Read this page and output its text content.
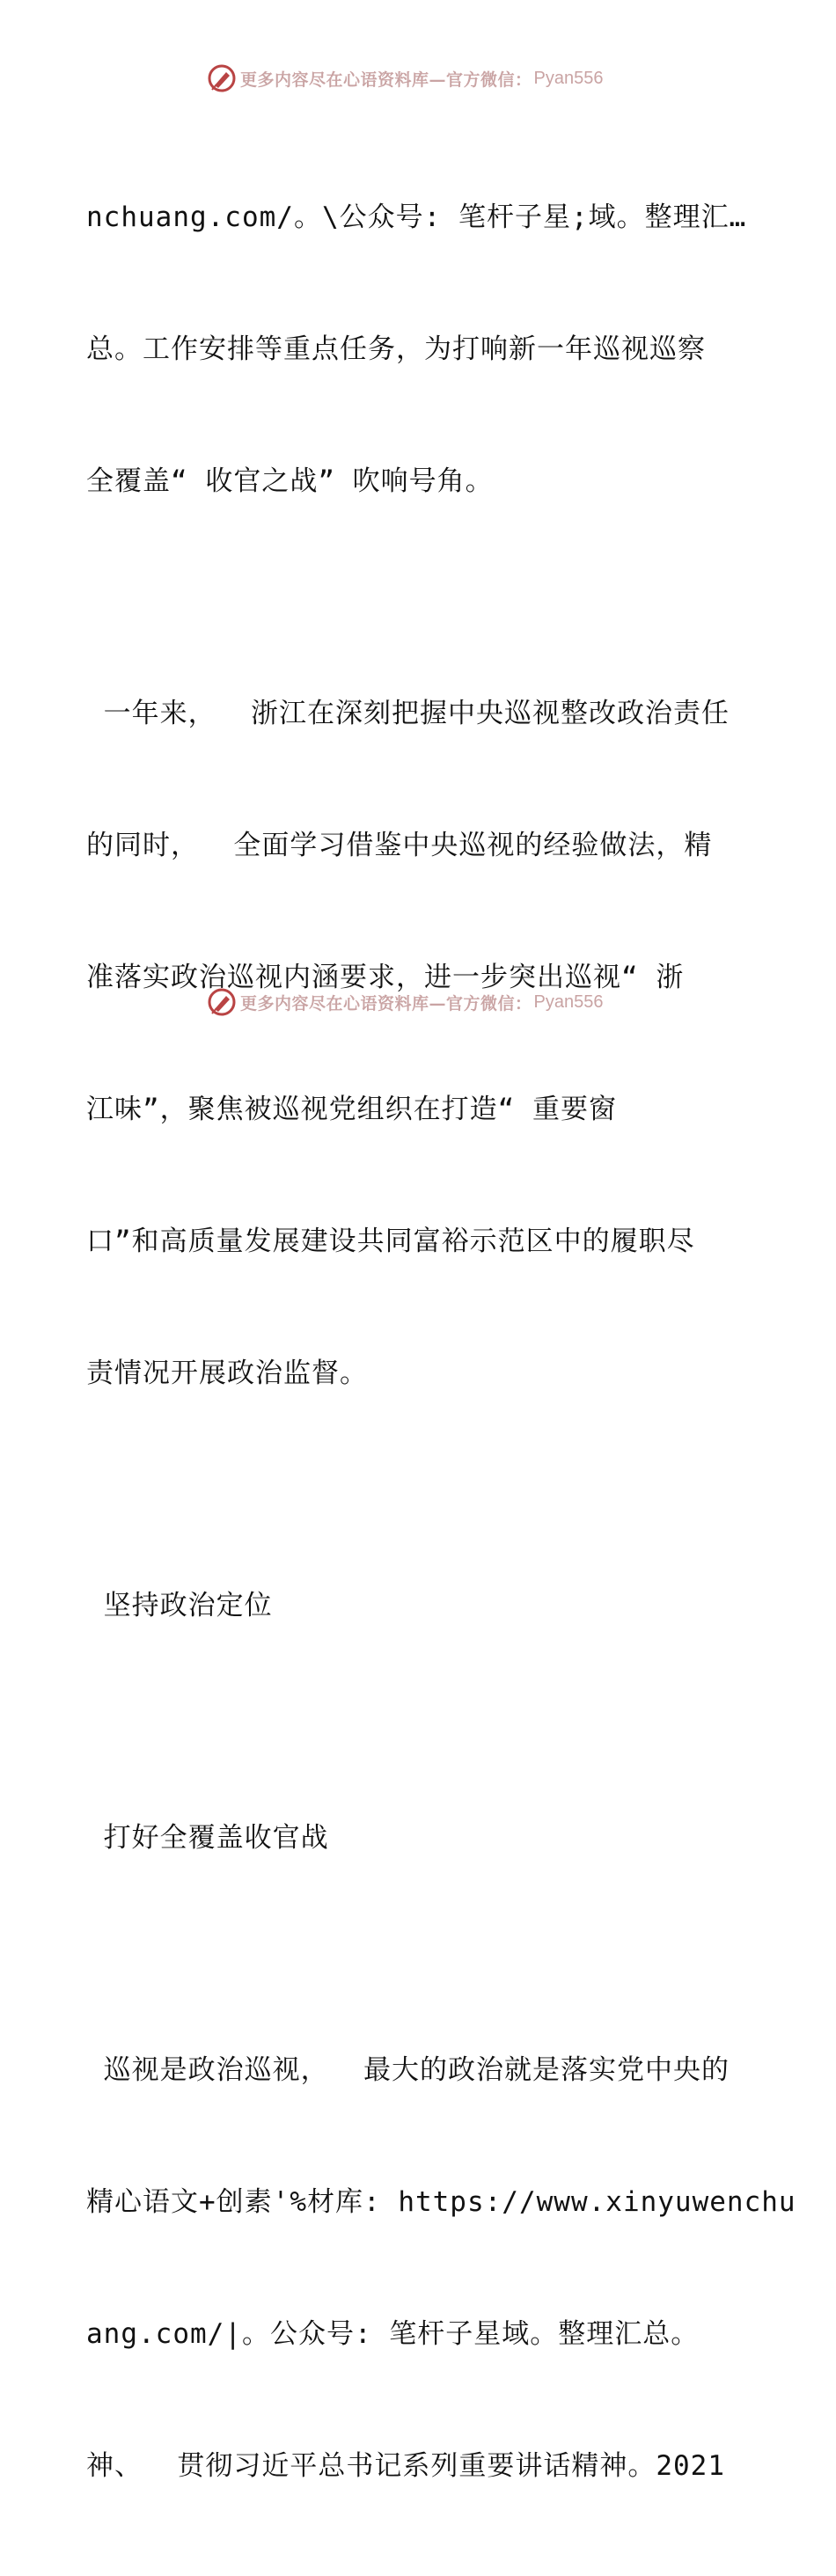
更多内容尽在心语资料库—官方微信： Pyan556

nchuang.com/。\公众号: 笔杆子星;域。整理汇…

总。工作安排等重点任务，为打响新一年巡视巡察

全覆盖“ 收官之战” 吹响号角。

一年来，  浙江在深刻把握中央巡视整改政治责任

的同时，  全面学习借鉴中央巡视的经验做法，精

准落实政治巡视内涵要求，进一步突出巡视“ 浙

江味”，聚焦被巡视党组织在打造“ 重要窗

口”和高质量发展建设共同富裕示范区中的履职尽

责情况开展政治监督。

坚持政治定位

打好全覆盖收官战

巡视是政治巡视，  最大的政治就是落实党中央的

精心语文+创素'%材库: https://www.xinyuwenchu

ang.com/|。公众号: 笔杆子星域。整理汇总。

神、  贯彻习近平总书记系列重要讲话精神。2021

更多内容尽在心语资料库—官方微信： Pyan556
